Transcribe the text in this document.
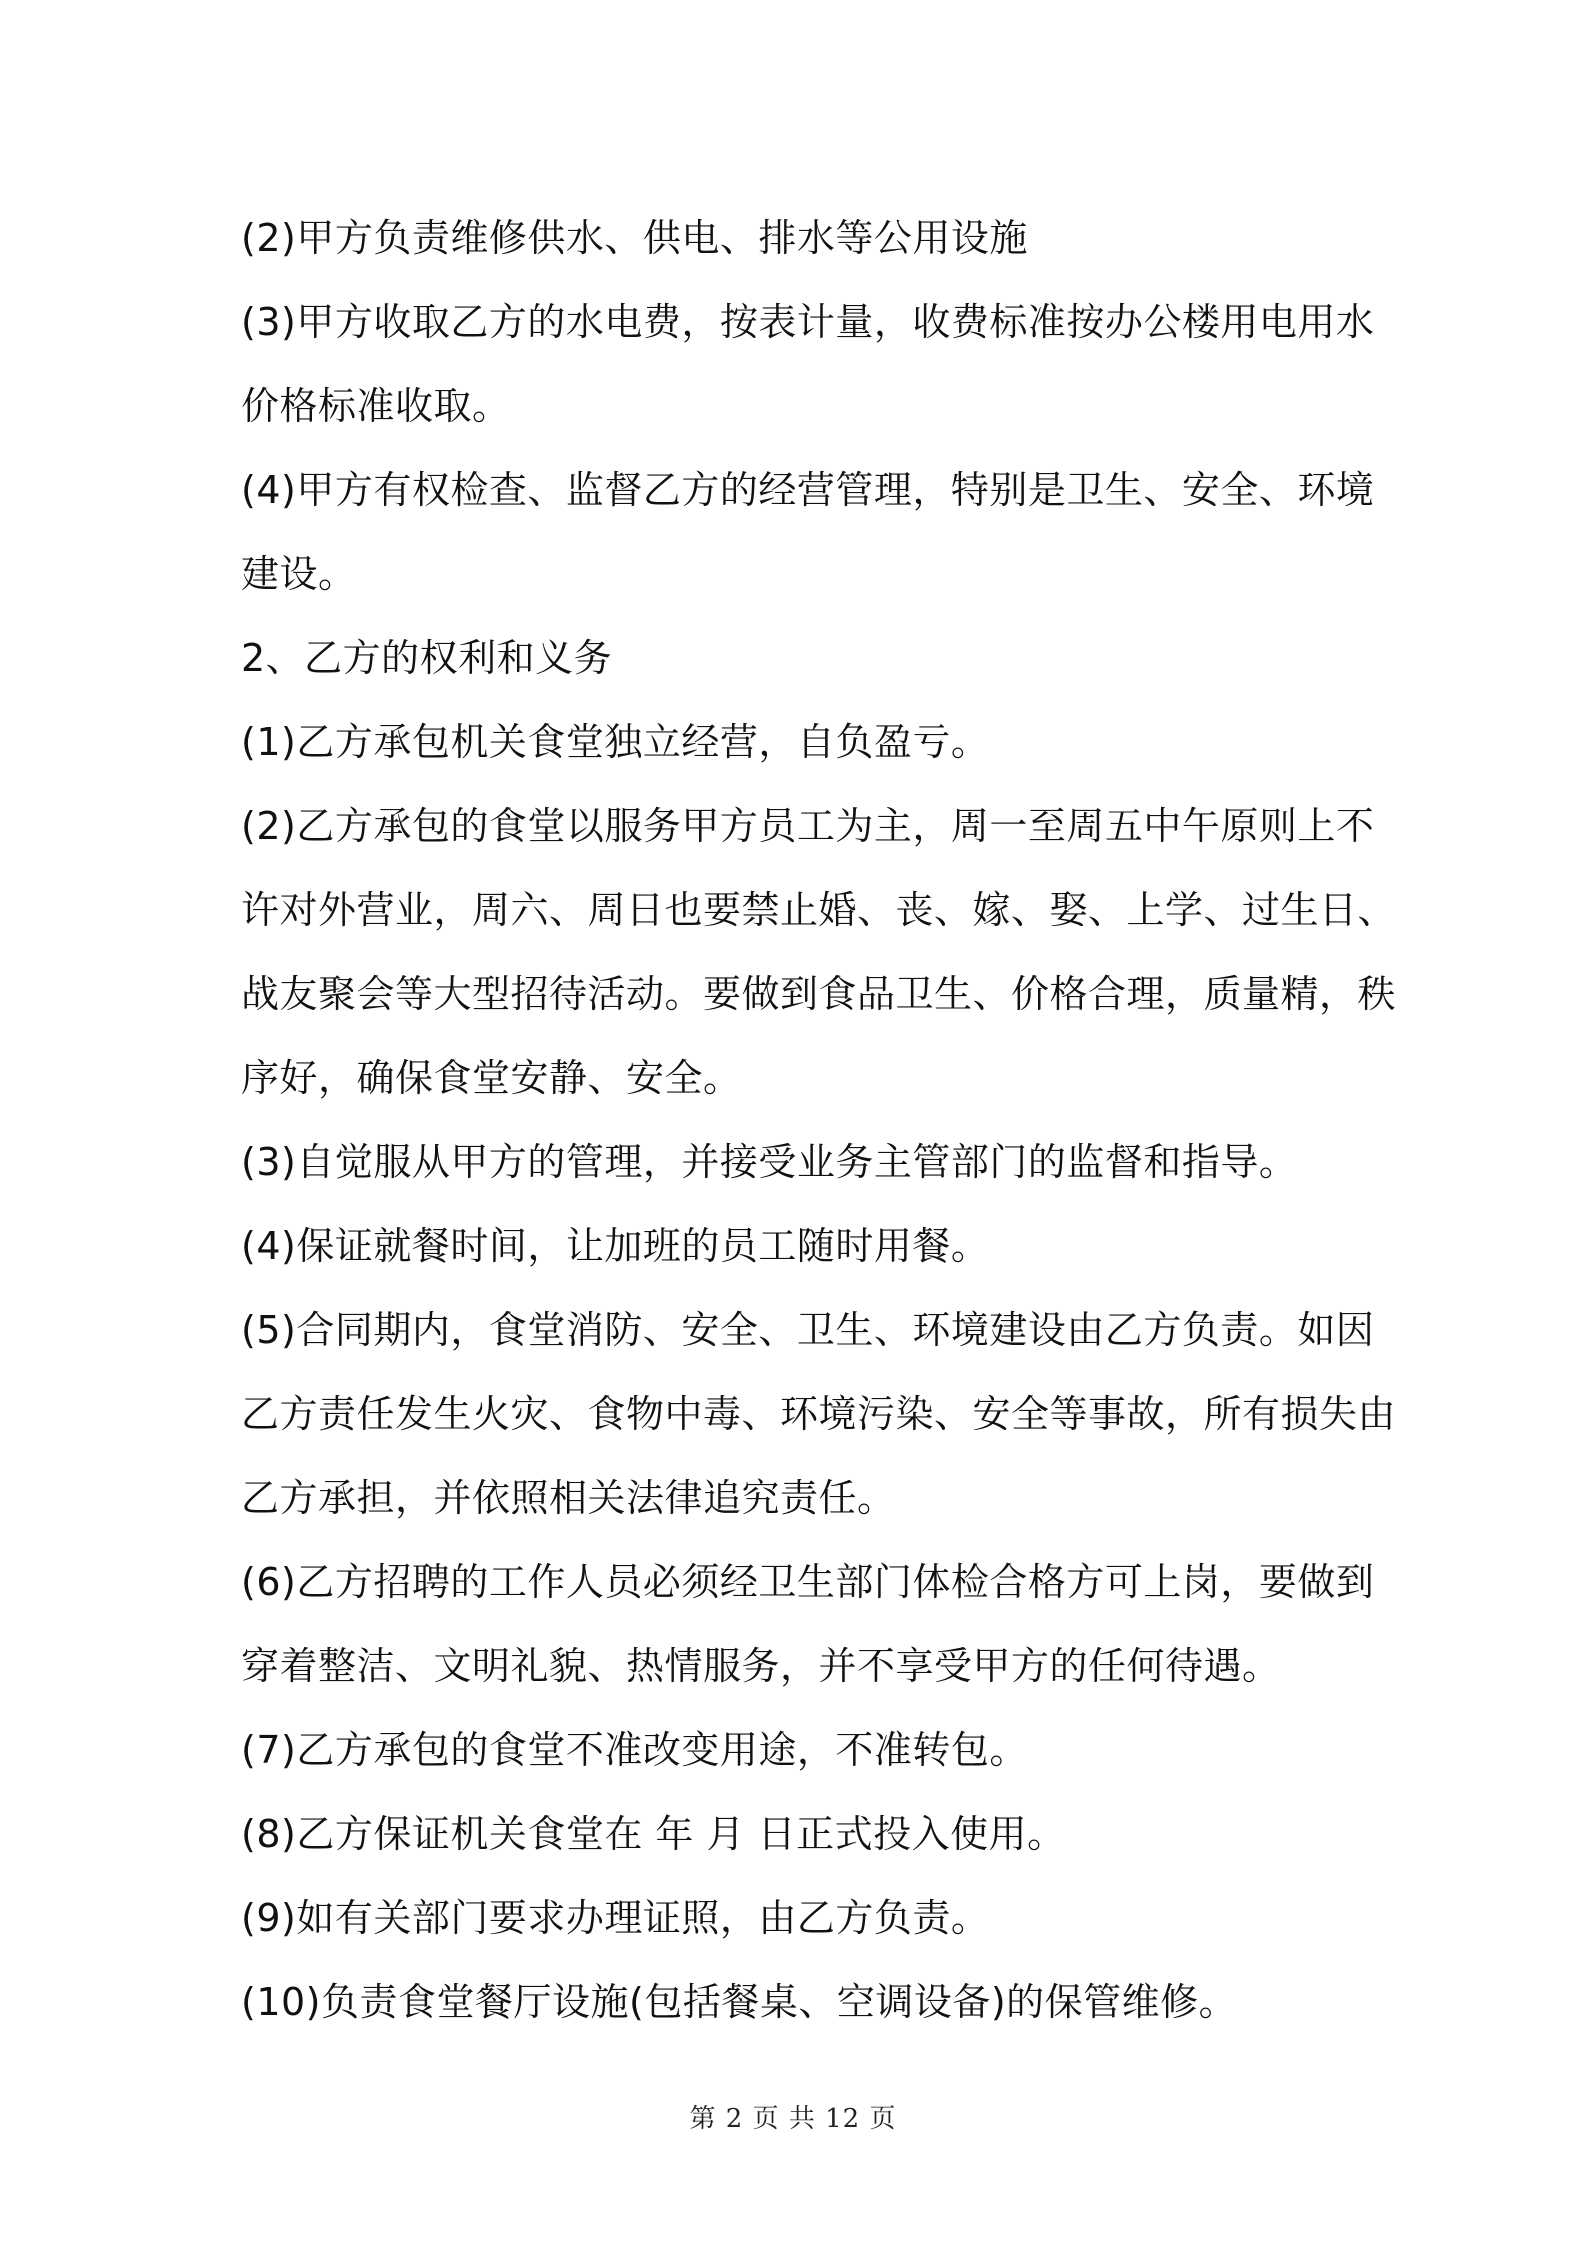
(2)甲方负责维修供水、供电、排水等公用设施
(3)甲方收取乙方的水电费，按表计量，收费标准按办公楼用电用水
价格标准收取。
(4)甲方有权检查、监督乙方的经营管理，特别是卫生、安全、环境
建设。
2、乙方的权利和义务
(1)乙方承包机关食堂独立经营，自负盈亏。
(2)乙方承包的食堂以服务甲方员工为主，周一至周五中午原则上不
许对外营业，周六、周日也要禁止婚、丧、嫁、娶、上学、过生日、
战友聚会等大型招待活动。要做到食品卫生、价格合理，质量精，秩
序好，确保食堂安静、安全。
(3)自觉服从甲方的管理，并接受业务主管部门的监督和指导。
(4)保证就餐时间，让加班的员工随时用餐。
(5)合同期内，食堂消防、安全、卫生、环境建设由乙方负责。如因
乙方责任发生火灾、食物中毒、环境污染、安全等事故，所有损失由
乙方承担，并依照相关法律追究责任。
(6)乙方招聘的工作人员必须经卫生部门体检合格方可上岗，要做到
穿着整洁、文明礼貌、热情服务，并不享受甲方的任何待遇。
(7)乙方承包的食堂不准改变用途，不准转包。
(8)乙方保证机关食堂在 年 月 日正式投入使用。
(9)如有关部门要求办理证照，由乙方负责。
(10)负责食堂餐厅设施(包括餐桌、空调设备)的保管维修。
第 2 页 共 12 页
